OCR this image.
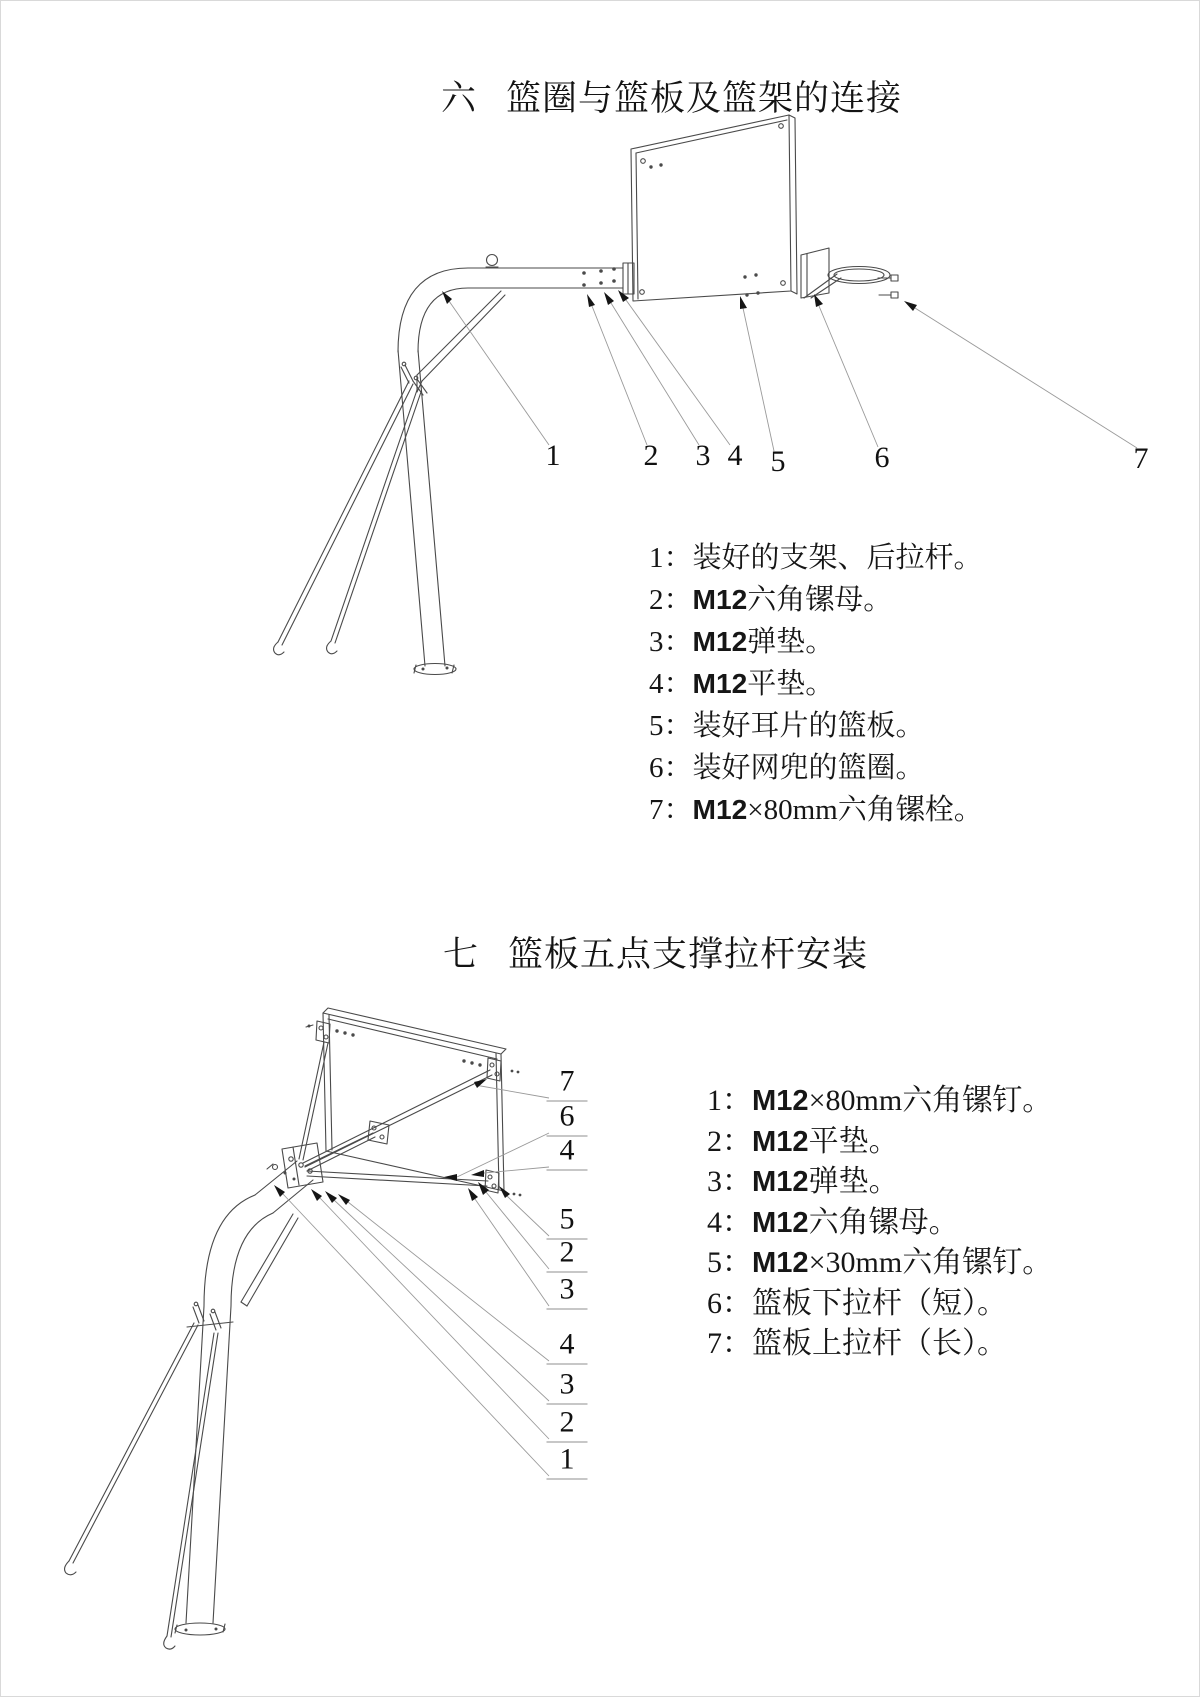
六 篮圈与篮板及篮架的连接
七 篮板五点支撑拉杆安装
1：装好的支架、后拉杆。
2：M12六角镙母。
3：M12弹垫。
4：M12平垫。
5：装好耳片的篮板。
6：装好网兜的篮圈。
7：M12×80mm六角镙栓。
1：M12×80mm六角镙钉。
2：M12平垫。
3：M12弹垫。
4：M12六角镙母。
5：M12×30mm六角镙钉。
6：篮板下拉杆（短）。
7：篮板上拉杆（长）。
1	2 3 4 5	6	7
7
6
4
5
2
3
4
3
2
1
